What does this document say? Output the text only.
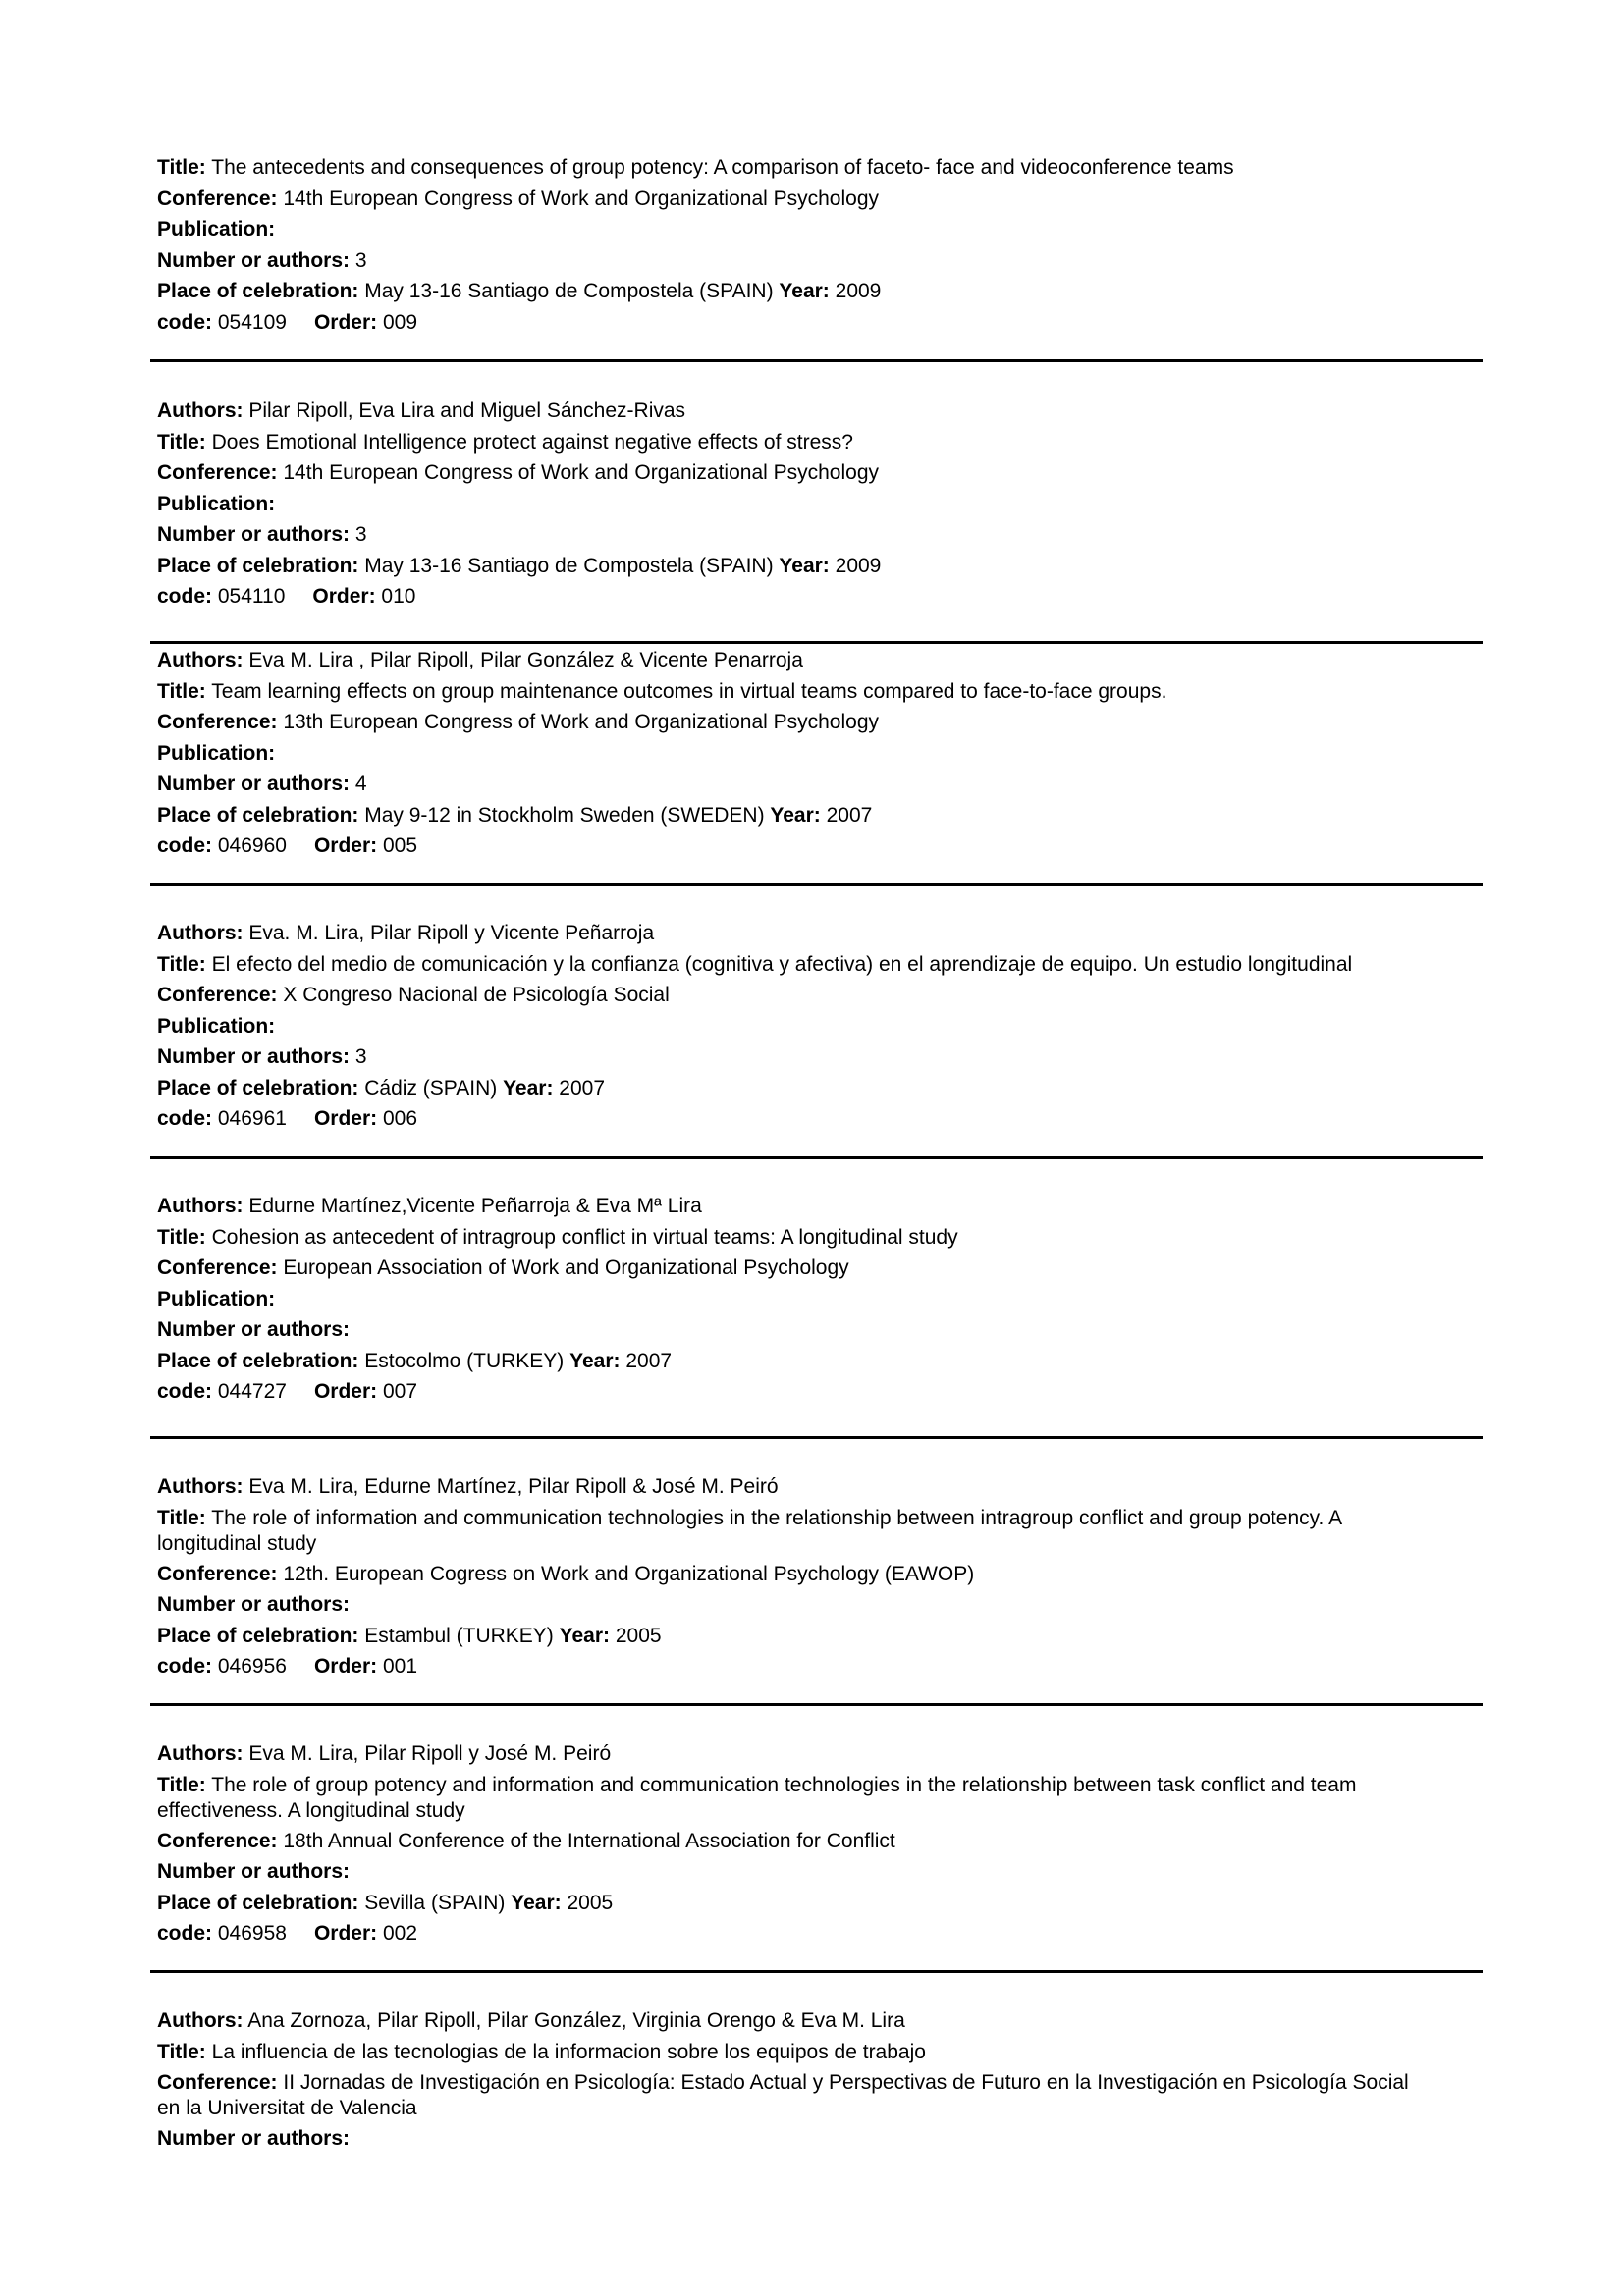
Title: The antecedents and consequences of group potency: A comparison of faceto- face and videoconference teams
Conference: 14th European Congress of Work and Organizational Psychology
Publication:
Number or authors: 3
Place of celebration: May 13-16 Santiago de Compostela (SPAIN) Year: 2009
code: 054109 Order: 009
Authors: Pilar Ripoll, Eva Lira and Miguel Sánchez-Rivas
Title: Does Emotional Intelligence protect against negative effects of stress?
Conference: 14th European Congress of Work and Organizational Psychology
Publication:
Number or authors: 3
Place of celebration: May 13-16 Santiago de Compostela (SPAIN) Year: 2009
code: 054110 Order: 010
Authors: Eva M. Lira , Pilar Ripoll, Pilar González & Vicente Penarroja
Title: Team learning effects on group maintenance outcomes in virtual teams compared to face-to-face groups.
Conference: 13th European Congress of Work and Organizational Psychology
Publication:
Number or authors: 4
Place of celebration: May 9-12 in Stockholm Sweden (SWEDEN) Year: 2007
code: 046960 Order: 005
Authors: Eva. M. Lira, Pilar Ripoll y Vicente Peñarroja
Title: El efecto del medio de comunicación y la confianza (cognitiva y afectiva) en el aprendizaje de equipo. Un estudio longitudinal
Conference: X Congreso Nacional de Psicología Social
Publication:
Number or authors: 3
Place of celebration: Cádiz (SPAIN) Year: 2007
code: 046961 Order: 006
Authors: Edurne Martínez,Vicente Peñarroja & Eva Mª Lira
Title: Cohesion as antecedent of intragroup conflict in virtual teams: A longitudinal study
Conference: European Association of Work and Organizational Psychology
Publication:
Number or authors:
Place of celebration: Estocolmo (TURKEY) Year: 2007
code: 044727 Order: 007
Authors: Eva M. Lira, Edurne Martínez, Pilar Ripoll & José M. Peiró
Title: The role of information and communication technologies in the relationship between intragroup conflict and group potency. A longitudinal study
Conference: 12th. European Cogress on Work and Organizational Psychology (EAWOP)
Number or authors:
Place of celebration: Estambul (TURKEY) Year: 2005
code: 046956 Order: 001
Authors: Eva M. Lira, Pilar Ripoll y José M. Peiró
Title: The role of group potency and information and communication technologies in the relationship between task conflict and team effectiveness. A longitudinal study
Conference: 18th Annual Conference of the International Association for Conflict
Number or authors:
Place of celebration: Sevilla (SPAIN) Year: 2005
code: 046958 Order: 002
Authors: Ana Zornoza, Pilar Ripoll, Pilar González, Virginia Orengo & Eva M. Lira
Title: La influencia de las tecnologias de la informacion sobre los equipos de trabajo
Conference: II Jornadas de Investigación en Psicología: Estado Actual y Perspectivas de Futuro en la Investigación en Psicología Social en la Universitat de Valencia
Number or authors:
